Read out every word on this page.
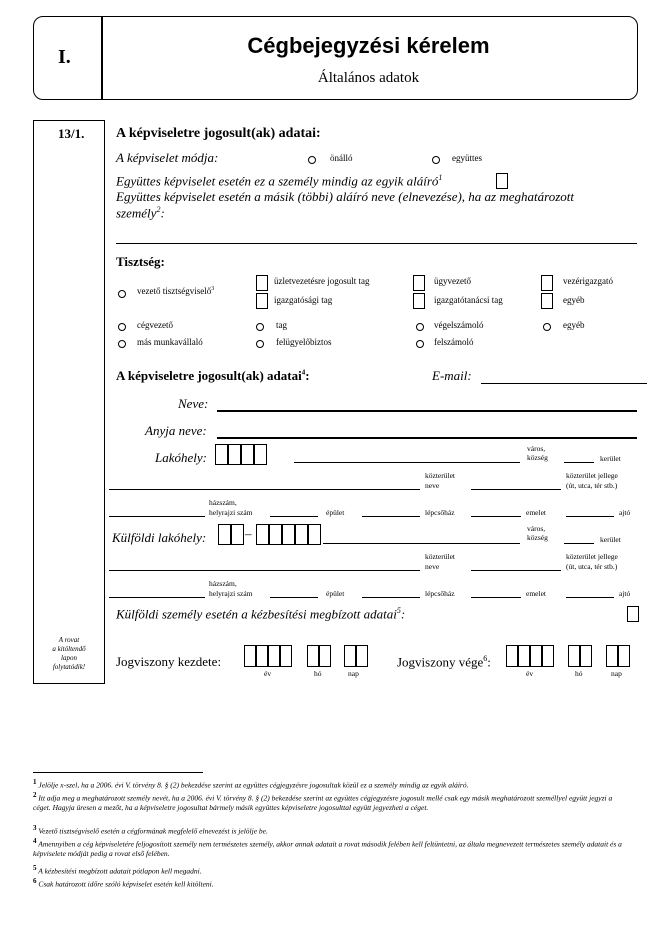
I.	Cégbejegyzési kérelem
Általános adatok
13/1.
A rovat
a kitöltendő
lapon
folytatódik!
A képviseletre jogosult(ak) adatai:
A képviselet módja:	önálló	együttes
Együttes képviselet esetén ez a személy mindig az egyik aláíró$^1$
Együttes képviselet esetén a másik (többi) aláíró neve (elnevezése), ha az meghatározott
személy$^2$:
Tisztség:
vezető tisztségviselő$^3$
üzletvezetésre jogosult tag	ügyvezető	vezérigazgató
igazgatósági tag	igazgatótanácsi tag	egyéb
cégvezető	tag	végelszámoló	egyéb
más munkavállaló	felügyelőbiztos	felszámoló
A képviseletre jogosult(ak) adatai$^4$:	E-mail:
Neve:
Anyja neve:
Lakóhely:
város,
község	kerület
közterület
neve
közterület jellege
(út, utca, tér stb.)
házszám,
helyrajzi szám	épület	lépcsőház	emelet	ajtó
Külföldi lakóhely:	–	város,
község	kerület
közterület
neve
közterület jellege
(út, utca, tér stb.)
házszám,
helyrajzi szám	épület	lépcsőház	emelet	ajtó
Külföldi személy esetén a kézbesítési megbízott adatai$^5$:
Jogviszony kezdete:
év	hó	nap
Jogviszony vége$^6$:
év	hó	nap
$^1$ Jelölje x-szel, ha a 2006. évi V. törvény 8. § (2) bekezdése szerint az együttes cégjegyzésre jogosultak közül ez a személy mindig az egyik aláíró.
$^2$ Itt adja meg a meghatározott személy nevét, ha a 2006. évi V. törvény 8. § (2) bekezdése szerint az együttes cégjegyzésre jogosult mellé csak egy másik meghatározott személlyel együtt jegyzi a céget. Hagyja üresen a mezőt, ha a képviseletre jogosultat bármely másik együttes képviseletre jogosulttal együtt jegyezheti a céget.
$^3$ Vezető tisztségviselő esetén a cégformának megfelelő elnevezést is jelölje be.
$^4$ Amennyiben a cég képviseletére feljogosított személy nem természetes személy, akkor annak adatait a rovat második felében kell feltüntetni, az általa megnevezett természetes személy adatait és a képviselete módját pedig a rovat első felében.
$^5$ A kézbesítési megbízott adatait pótlapon kell megadni.
$^6$ Csak határozott időre szóló képviselet esetén kell kitölteni.
